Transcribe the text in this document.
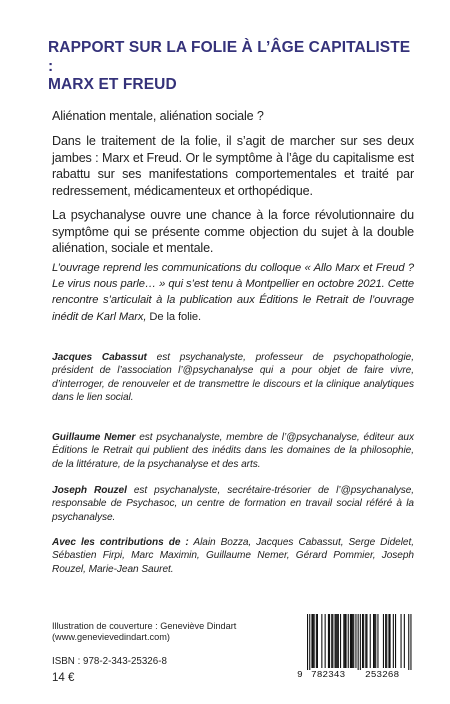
RAPPORT SUR LA FOLIE À L’ÂGE CAPITALISTE :
MARX ET FREUD
Aliénation mentale, aliénation sociale ?
Dans le traitement de la folie, il s’agit de marcher sur ses deux jambes : Marx et Freud. Or le symptôme à l’âge du capitalisme est rabattu sur ses manifestations comportementales et traité par redressement, médicamenteux et orthopédique.
La psychanalyse ouvre une chance à la force révolutionnaire du symptôme qui se présente comme objection du sujet à la double aliénation, sociale et mentale.
L’ouvrage reprend les communications du colloque « Allo Marx et Freud ? Le virus nous parle… » qui s’est tenu à Montpellier en octobre 2021. Cette rencontre s’articulait à la publication aux Éditions le Retrait de l’ouvrage inédit de Karl Marx, De la folie.
Jacques Cabassut est psychanalyste, professeur de psychopathologie, président de l’association l’@psychanalyse qui a pour objet de faire vivre, d’interroger, de renouveler et de transmettre le discours et la clinique analytiques dans le lien social.
Guillaume Nemer est psychanalyste, membre de l’@psychanalyse, éditeur aux Éditions le Retrait qui publient des inédits dans les domaines de la philosophie, de la littérature, de la psychanalyse et des arts.
Joseph Rouzel est psychanalyste, secrétaire-trésorier de l’@psychanalyse, responsable de Psychasoc, un centre de formation en travail social référé à la psychanalyse.
Avec les contributions de : Alain Bozza, Jacques Cabassut, Serge Didelet, Sébastien Firpi, Marc Maximin, Guillaume Nemer, Gérard Pommier, Joseph Rouzel, Marie-Jean Sauret.
Illustration de couverture : Geneviève Dindart
(www.genevievedindart.com)
ISBN : 978-2-343-25326-8
14 €	9 782343 253268
